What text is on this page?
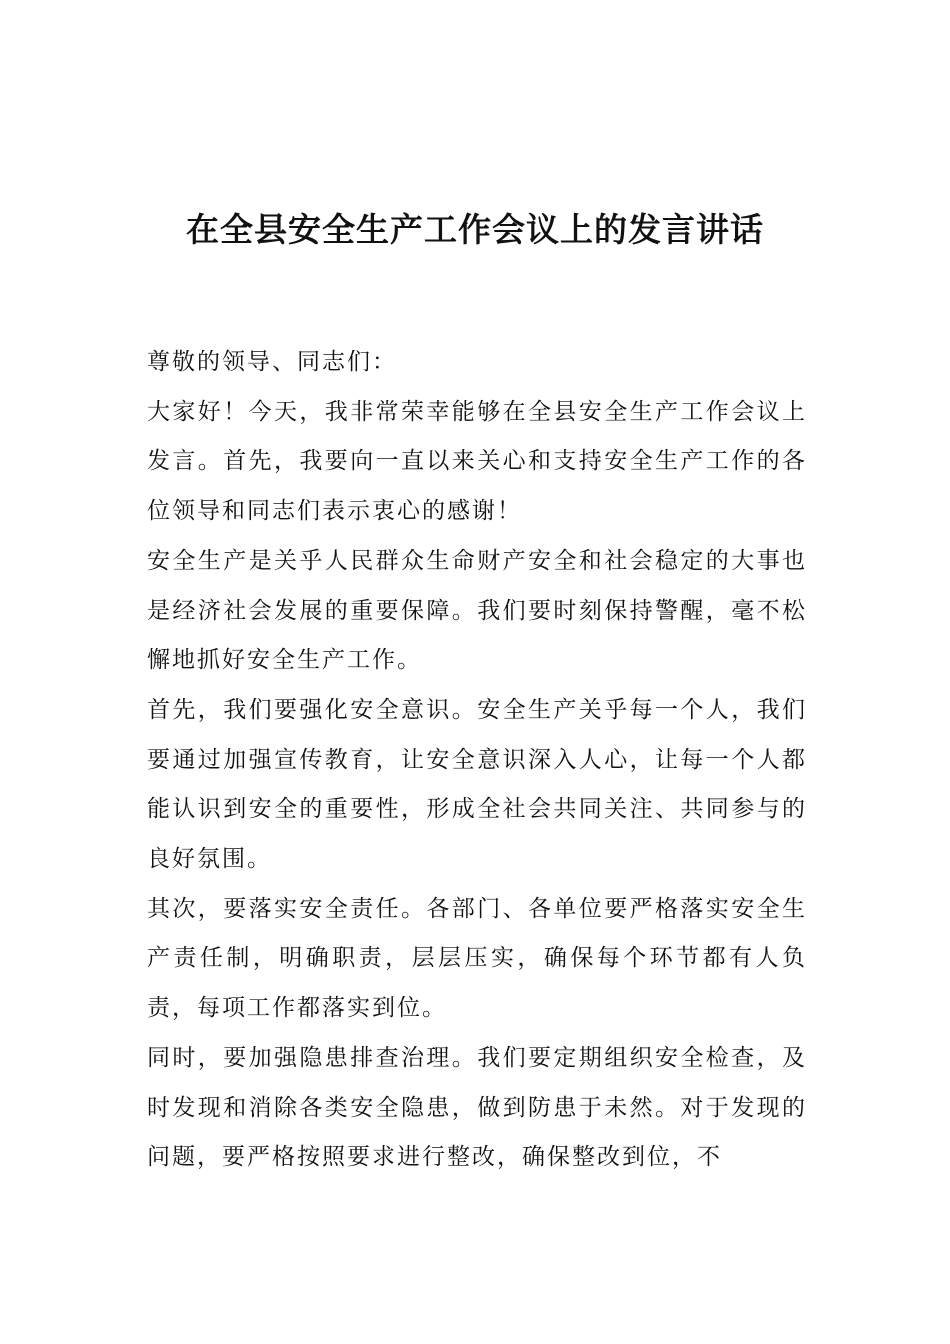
在全县安全生产工作会议上的发言讲话

尊敬的领导、同志们：

大家好！今天，我非常荣幸能够在全县安全生产工作会议上发言。首先，我要向一直以来关心和支持安全生产工作的各位领导和同志们表示衷心的感谢！

安全生产是关乎人民群众生命财产安全和社会稳定的大事也是经济社会发展的重要保障。我们要时刻保持警醒，毫不松懈地抓好安全生产工作。

首先，我们要强化安全意识。安全生产关乎每一个人，我们要通过加强宣传教育，让安全意识深入人心，让每一个人都能认识到安全的重要性，形成全社会共同关注、共同参与的良好氛围。

其次，要落实安全责任。各部门、各单位要严格落实安全生产责任制，明确职责，层层压实，确保每个环节都有人负责，每项工作都落实到位。

同时，要加强隐患排查治理。我们要定期组织安全检查，及时发现和消除各类安全隐患，做到防患于未然。对于发现的问题，要严格按照要求进行整改，确保整改到位，不
